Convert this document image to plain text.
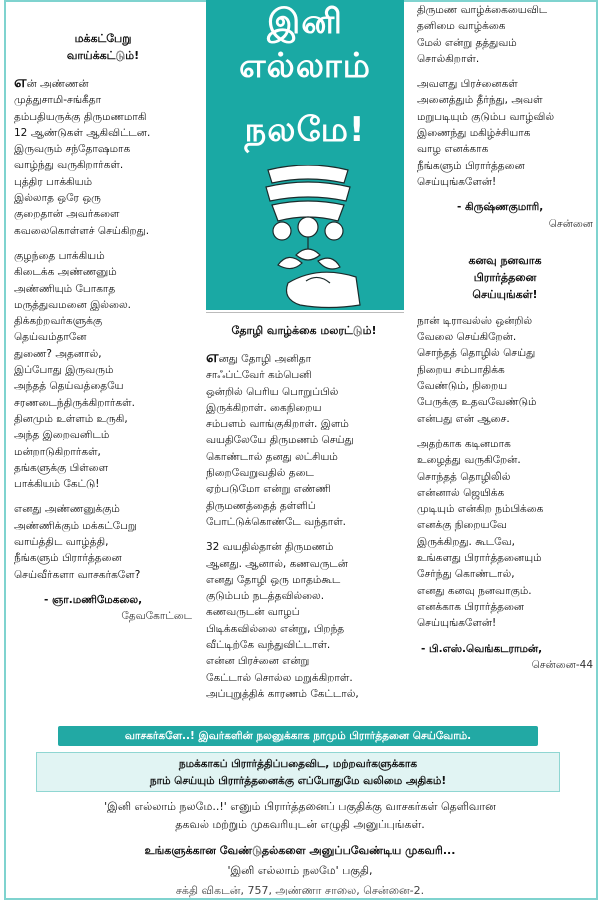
மக்கட்பேறு
வாய்க்கட்டும்!

என் அண்ணன்
முத்துசாமி-சங்கீதா
தம்பதியருக்கு திருமணமாகி
12 ஆண்டுகள் ஆகிவிட்டன.
இருவரும் சந்தோஷமாக
வாழ்ந்து வருகிறார்கள்.
புத்திர பாக்கியம்
இல்லாத ஒரே ஒரு
குறைதான் அவர்களை
கவலைகொள்ளச் செய்கிறது.

குழந்தை பாக்கியம்
கிடைக்க அண்ணனும்
அண்ணியும் போகாத
மருத்துவமனை இல்லை.
திக்கற்றவர்களுக்கு
தெய்வம்தானே
துணை? அதனால்,
இப்போது இருவரும்
அந்தத் தெய்வத்தையே
சரணடைந்திருக்கிறார்கள்.
தினமும் உள்ளம் உருகி,
அந்த இறைவனிடம்
மன்றாடுகிறார்கள்,
தங்களுக்கு பிள்ளை
பாக்கியம் கேட்டு!

எனது அண்ணனுக்கும்
அண்ணிக்கும் மக்கட்பேறு
வாய்த்திட வாழ்த்தி,
நீங்களும் பிரார்த்தனை
செய்வீர்களா வாசகர்களே?

- ஞா.மணிமேகலை,
தேவகோட்டை
இனி
எல்லாம்
நலமே!
தோழி வாழ்க்கை மலரட்டும்!

எனது தோழி அனிதா
சாஃப்ட்வேர் கம்பெனி
ஒன்றில் பெரிய பொறுப்பில்
இருக்கிறாள். கைநிறைய
சம்பளம் வாங்குகிறாள். இளம்
வயதிலேயே திருமணம் செய்து
கொண்டால் தனது லட்சியம்
நிறைவேறுவதில் தடை
ஏற்படுமோ என்று எண்ணி
திருமணத்தைத் தள்ளிப்
போட்டுக்கொண்டே வந்தாள்.

32 வயதில்தான் திருமணம்
ஆனது. ஆனால், கணவருடன்
எனது தோழி ஒரு மாதம்கூட
குடும்பம் நடத்தவில்லை.
கணவருடன் வாழப்
பிடிக்கவில்லை என்று, பிறந்த
வீட்டிற்கே வந்துவிட்டாள்.
என்ன பிரச்னை என்று
கேட்டால் சொல்ல மறுக்கிறாள்.
அப்புறுத்திக் காரணம் கேட்டால்,

திருமண வாழ்க்கையைவிட
தனிமை வாழ்க்கை
மேல் என்று தத்துவம்
சொல்கிறாள்.

அவளது பிரச்னைகள்
அனைத்தும் தீர்ந்து, அவள்
மறுபடியும் குடும்ப வாழ்வில்
இணைந்து மகிழ்ச்சியாக
வாழ எனக்காக
நீங்களும் பிரார்த்தனை
செய்யுங்களேன்!

- கிருஷ்ணகுமாரி,
சென்னை
கனவு நனவாக
பிரார்த்தனை
செய்யுங்கள்!

நான் டிராவல்ஸ் ஒன்றில்
வேலை செய்கிறேன்.
சொந்தத் தொழில் செய்து
நிறைய சம்பாதிக்க
வேண்டும், நிறைய
பேருக்கு உதவவேண்டும்
என்பது என் ஆசை.

அதற்காக கடினமாக
உழைத்து வருகிறேன்.
சொந்தத் தொழிலில்
என்னால் ஜெயிக்க
முடியும் என்கிற நம்பிக்கை
எனக்கு நிறையவே
இருக்கிறது. கூடவே,
உங்களது பிரார்த்தனையும்
சேர்ந்து கொண்டால்,
எனது கனவு நனவாகும்.
எனக்காக பிரார்த்தனை
செய்யுங்களேன்!

- பி.எஸ்.வெங்கடராமன்,
சென்னை-44
வாசகர்களே..! இவர்களின் நலனுக்காக நாமும் பிரார்த்தனை செய்வோம்.
நமக்காகப் பிரார்த்திப்பதைவிட, மற்றவர்களுக்காக
நாம் செய்யும் பிரார்த்தனைக்கு எப்போதுமே வலிமை அதிகம்!
'இனி எல்லாம் நலமே..!' எனும் பிரார்த்தனைப் பகுதிக்கு வாசகர்கள் தெளிவான
தகவல் மற்றும் முகவரியுடன் எழுதி அனுப்புங்கள்.
உங்களுக்கான வேண்டுதல்களை அனுப்பவேண்டிய முகவரி...
'இனி எல்லாம் நலமே' பகுதி,
சக்தி விகடன், 757, அண்ணா சாலை, சென்னை-2.
